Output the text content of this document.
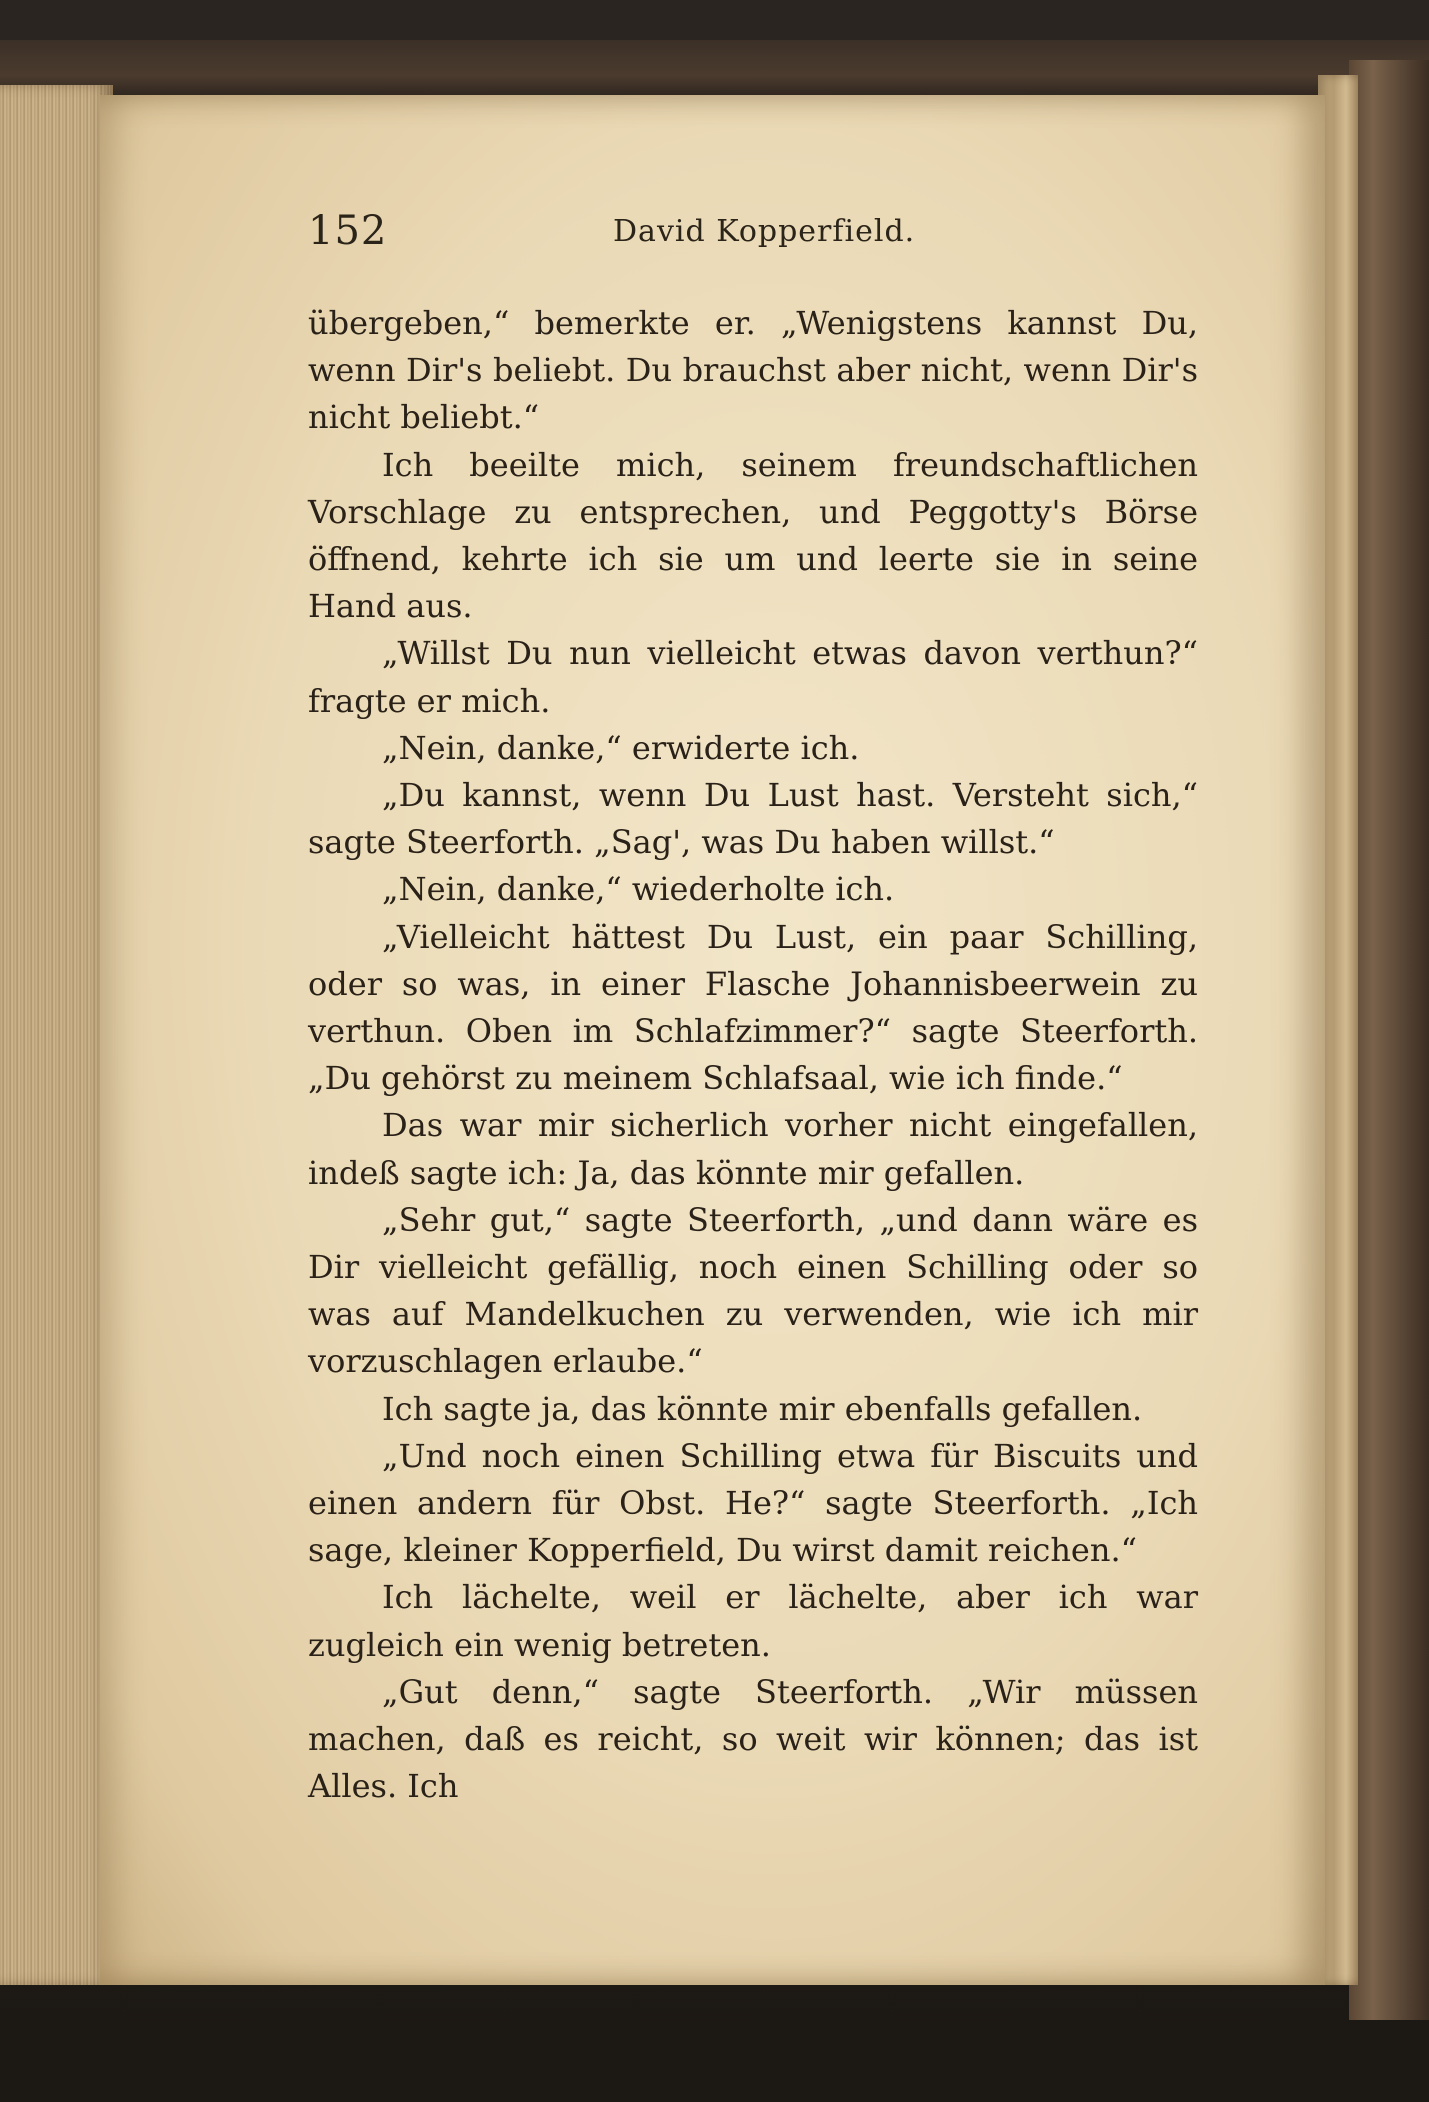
152	David Kopperfield.

übergeben,“ bemerkte er. „Wenigstens kannst Du, wenn Dir's beliebt. Du brauchst aber nicht, wenn Dir's nicht beliebt.“

Ich beeilte mich, seinem freundschaftlichen Vorschlage zu entsprechen, und Peggotty's Börse öffnend, kehrte ich sie um und leerte sie in seine Hand aus.

„Willst Du nun vielleicht etwas davon verthun?“ fragte er mich.

„Nein, danke,“ erwiderte ich.

„Du kannst, wenn Du Lust hast. Versteht sich,“ sagte Steerforth. „Sag', was Du haben willst.“

„Nein, danke,“ wiederholte ich.

„Vielleicht hättest Du Lust, ein paar Schilling, oder so was, in einer Flasche Johannisbeerwein zu verthun. Oben im Schlafzimmer?“ sagte Steerforth. „Du gehörst zu meinem Schlafsaal, wie ich finde.“

Das war mir sicherlich vorher nicht eingefallen, indeß sagte ich: Ja, das könnte mir gefallen.

„Sehr gut,“ sagte Steerforth, „und dann wäre es Dir vielleicht gefällig, noch einen Schilling oder so was auf Mandelkuchen zu verwenden, wie ich mir vorzuschlagen erlaube.“

Ich sagte ja, das könnte mir ebenfalls gefallen.

„Und noch einen Schilling etwa für Biscuits und einen andern für Obst. He?“ sagte Steerforth. „Ich sage, kleiner Kopperfield, Du wirst damit reichen.“

Ich lächelte, weil er lächelte, aber ich war zugleich ein wenig betreten.

„Gut denn,“ sagte Steerforth. „Wir müssen machen, daß es reicht, so weit wir können; das ist Alles. Ich
